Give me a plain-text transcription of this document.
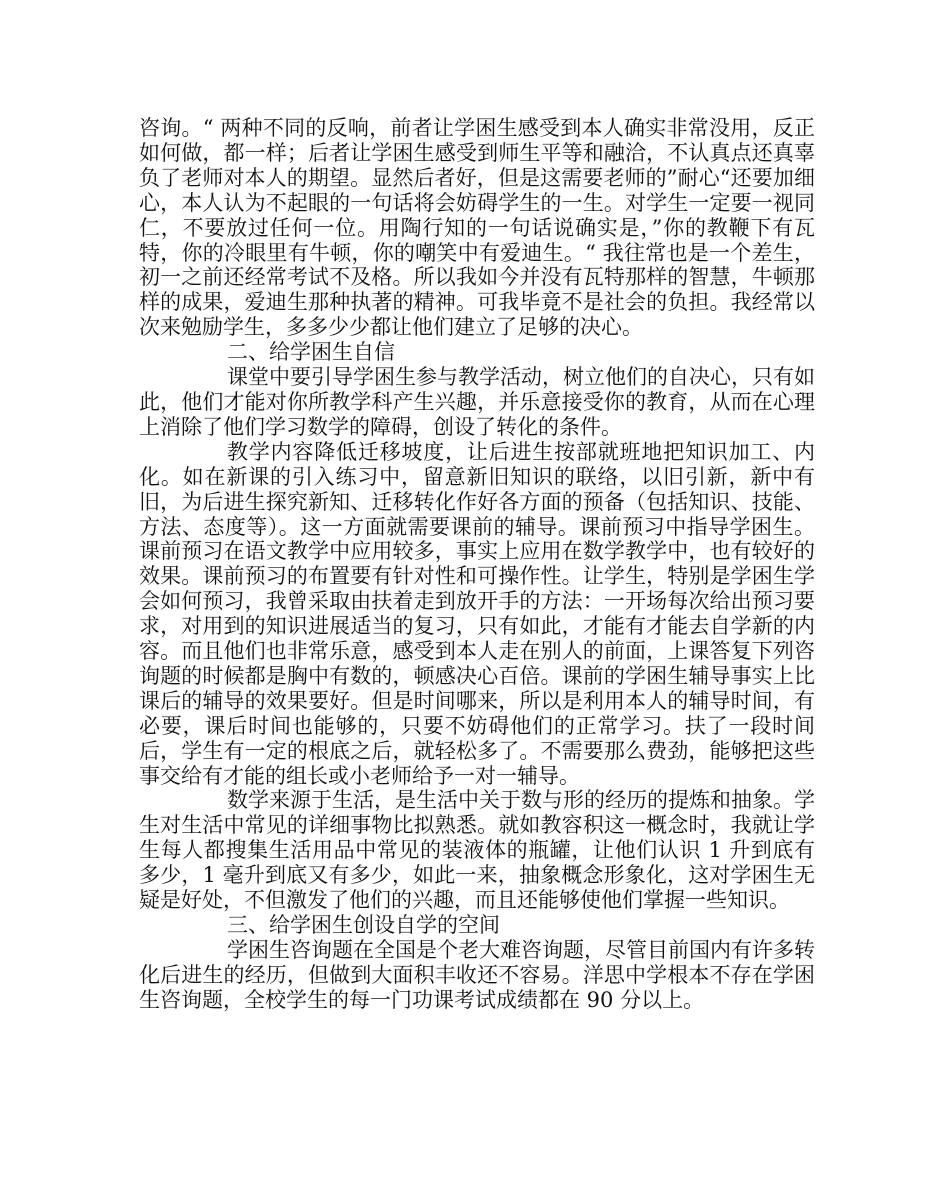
咨询。“ 两种不同的反响，前者让学困生感受到本人确实非常没用，反正如何做，都一样；后者让学困生感受到师生平等和融洽，不认真点还真辜负了老师对本人的期望。显然后者好，但是这需要老师的”耐心“还要加细心，本人认为不起眼的一句话将会妨碍学生的一生。对学生一定要一视同仁，不要放过任何一位。用陶行知的一句话说确实是，”你的教鞭下有瓦特，你的冷眼里有牛顿，你的嘲笑中有爱迪生。“ 我往常也是一个差生，初一之前还经常考试不及格。所以我如今并没有瓦特那样的智慧，牛顿那样的成果，爱迪生那种执著的精神。可我毕竟不是社会的负担。我经常以次来勉励学生，多多少少都让他们建立了足够的决心。

二、给学困生自信

课堂中要引导学困生参与教学活动，树立他们的自决心，只有如此，他们才能对你所教学科产生兴趣，并乐意接受你的教育，从而在心理上消除了他们学习数学的障碍，创设了转化的条件。

教学内容降低迁移坡度，让后进生按部就班地把知识加工、内化。如在新课的引入练习中，留意新旧知识的联络，以旧引新，新中有旧，为后进生探究新知、迁移转化作好各方面的预备（包括知识、技能、方法、态度等）。这一方面就需要课前的辅导。课前预习中指导学困生。课前预习在语文教学中应用较多，事实上应用在数学教学中，也有较好的效果。课前预习的布置要有针对性和可操作性。让学生，特别是学困生学会如何预习，我曾采取由扶着走到放开手的方法：一开场每次给出预习要求，对用到的知识进展适当的复习，只有如此，才能有才能去自学新的内容。而且他们也非常乐意，感受到本人走在别人的前面，上课答复下列咨询题的时候都是胸中有数的，顿感决心百倍。课前的学困生辅导事实上比课后的辅导的效果要好。但是时间哪来，所以是利用本人的辅导时间，有必要，课后时间也能够的，只要不妨碍他们的正常学习。扶了一段时间后，学生有一定的根底之后，就轻松多了。不需要那么费劲，能够把这些事交给有才能的组长或小老师给予一对一辅导。

数学来源于生活，是生活中关于数与形的经历的提炼和抽象。学生对生活中常见的详细事物比拟熟悉。就如教容积这一概念时，我就让学生每人都搜集生活用品中常见的装液体的瓶罐，让他们认识 1 升到底有多少，1 毫升到底又有多少，如此一来，抽象概念形象化，这对学困生无疑是好处，不但激发了他们的兴趣，而且还能够使他们掌握一些知识。

三、给学困生创设自学的空间

学困生咨询题在全国是个老大难咨询题，尽管目前国内有许多转化后进生的经历，但做到大面积丰收还不容易。洋思中学根本不存在学困生咨询题，全校学生的每一门功课考试成绩都在 90 分以上。
